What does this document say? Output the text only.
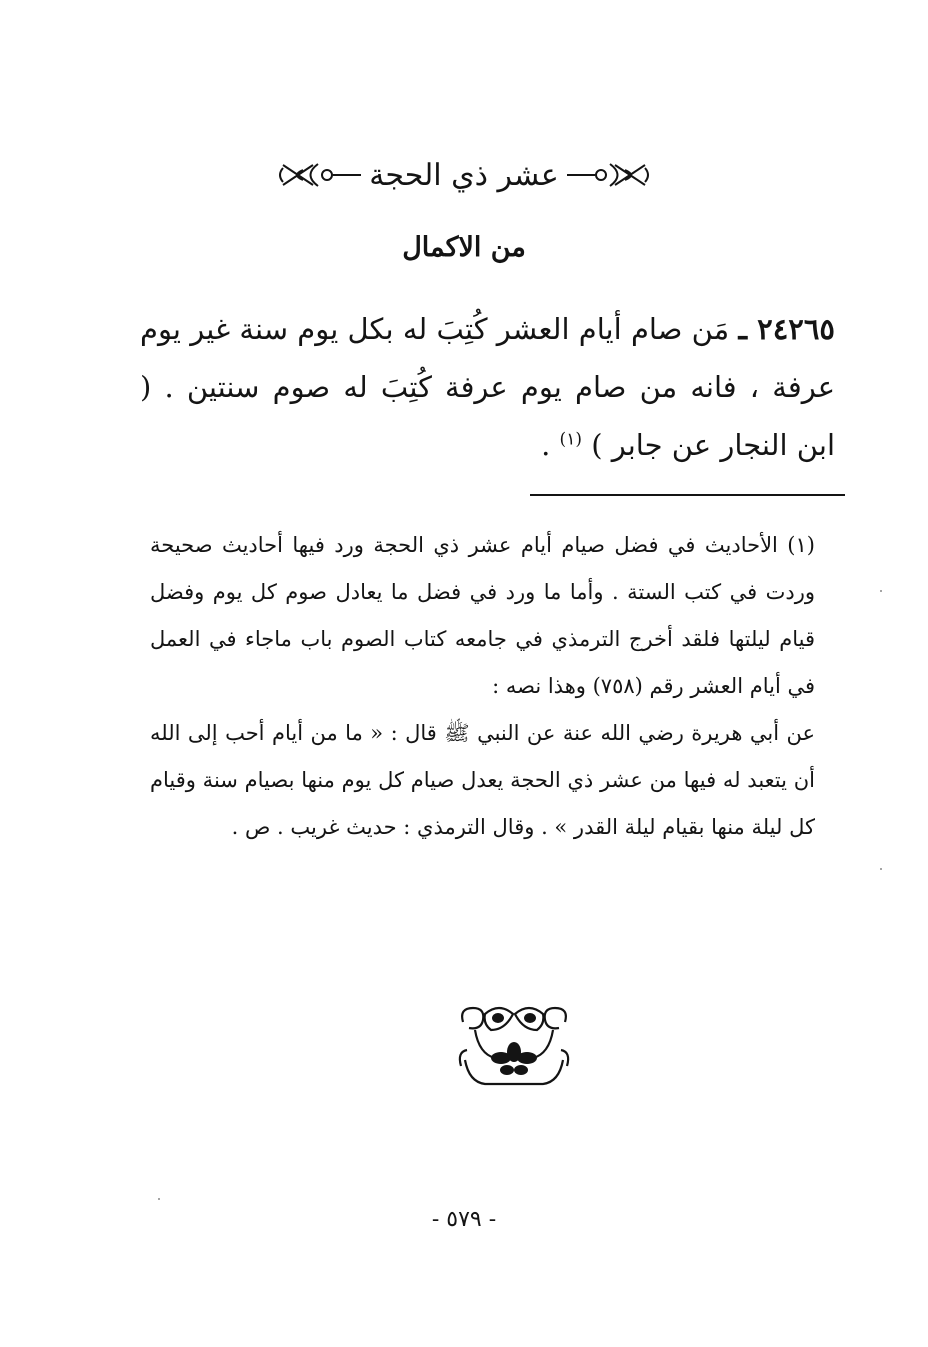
عشر ذي الحجة
من الاكمال
٢٤٢٦٥ ـ مَن صام أيام العشر كُتِبَ له بكل يوم سنة غير يوم عرفة ، فانه من صام يوم عرفة كُتِبَ له صوم سنتين . ( ابن النجار عن جابر ) $^{(١)}$ .

(١) الأحاديث في فضل صيام أيام عشر ذي الحجة ورد فيها أحاديث صحيحة وردت في كتب الستة . وأما ما ورد في فضل ما يعادل صوم كل يوم وفضل قيام ليلتها فلقد أخرج الترمذي في جامعه كتاب الصوم باب ماجاء في العمل في أيام العشر رقم (٧٥٨) وهذا نصه :

عن أبي هريرة رضي الله عنة عن النبي ﷺ قال : « ما من أيام أحب إلى الله أن يتعبد له فيها من عشر ذي الحجة يعدل صيام كل يوم منها بصيام سنة وقيام كل ليلة منها بقيام ليلة القدر » . وقال الترمذي : حديث غريب . ص .

- ٥٧٩ -
